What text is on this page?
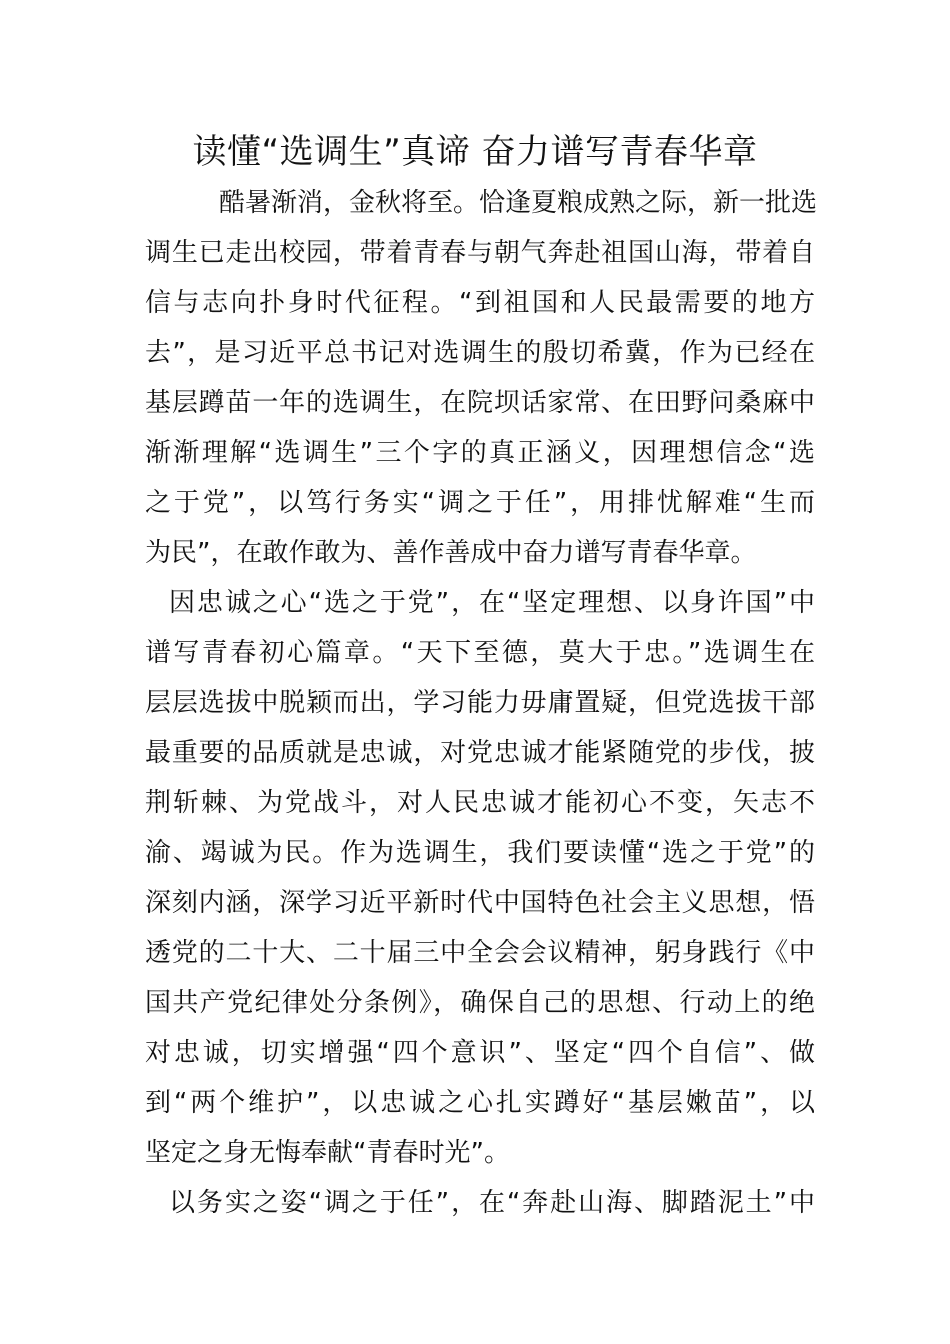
读懂“选调生”真谛 奋力谱写青春华章
酷暑渐消，金秋将至。恰逢夏粮成熟之际，新一批选
调生已走出校园，带着青春与朝气奔赴祖国山海，带着自
信与志向扑身时代征程。“到祖国和人民最需要的地方
去”，是习近平总书记对选调生的殷切希冀，作为已经在
基层蹲苗一年的选调生，在院坝话家常、在田野问桑麻中
渐渐理解“选调生”三个字的真正涵义，因理想信念“选
之于党”，以笃行务实“调之于任”，用排忧解难“生而
为民”，在敢作敢为、善作善成中奋力谱写青春华章。
因忠诚之心“选之于党”，在“坚定理想、以身许国”中
谱写青春初心篇章。“天下至德，莫大于忠。”选调生在
层层选拔中脱颖而出，学习能力毋庸置疑，但党选拔干部
最重要的品质就是忠诚，对党忠诚才能紧随党的步伐，披
荆斩棘、为党战斗，对人民忠诚才能初心不变，矢志不
渝、竭诚为民。作为选调生，我们要读懂“选之于党”的
深刻内涵，深学习近平新时代中国特色社会主义思想，悟
透党的二十大、二十届三中全会会议精神，躬身践行《中
国共产党纪律处分条例》，确保自己的思想、行动上的绝
对忠诚，切实增强“四个意识”、坚定“四个自信”、做
到“两个维护”，以忠诚之心扎实蹲好“基层嫩苗”，以
坚定之身无悔奉献“青春时光”。
以务实之姿“调之于任”，在“奔赴山海、脚踏泥土”中
